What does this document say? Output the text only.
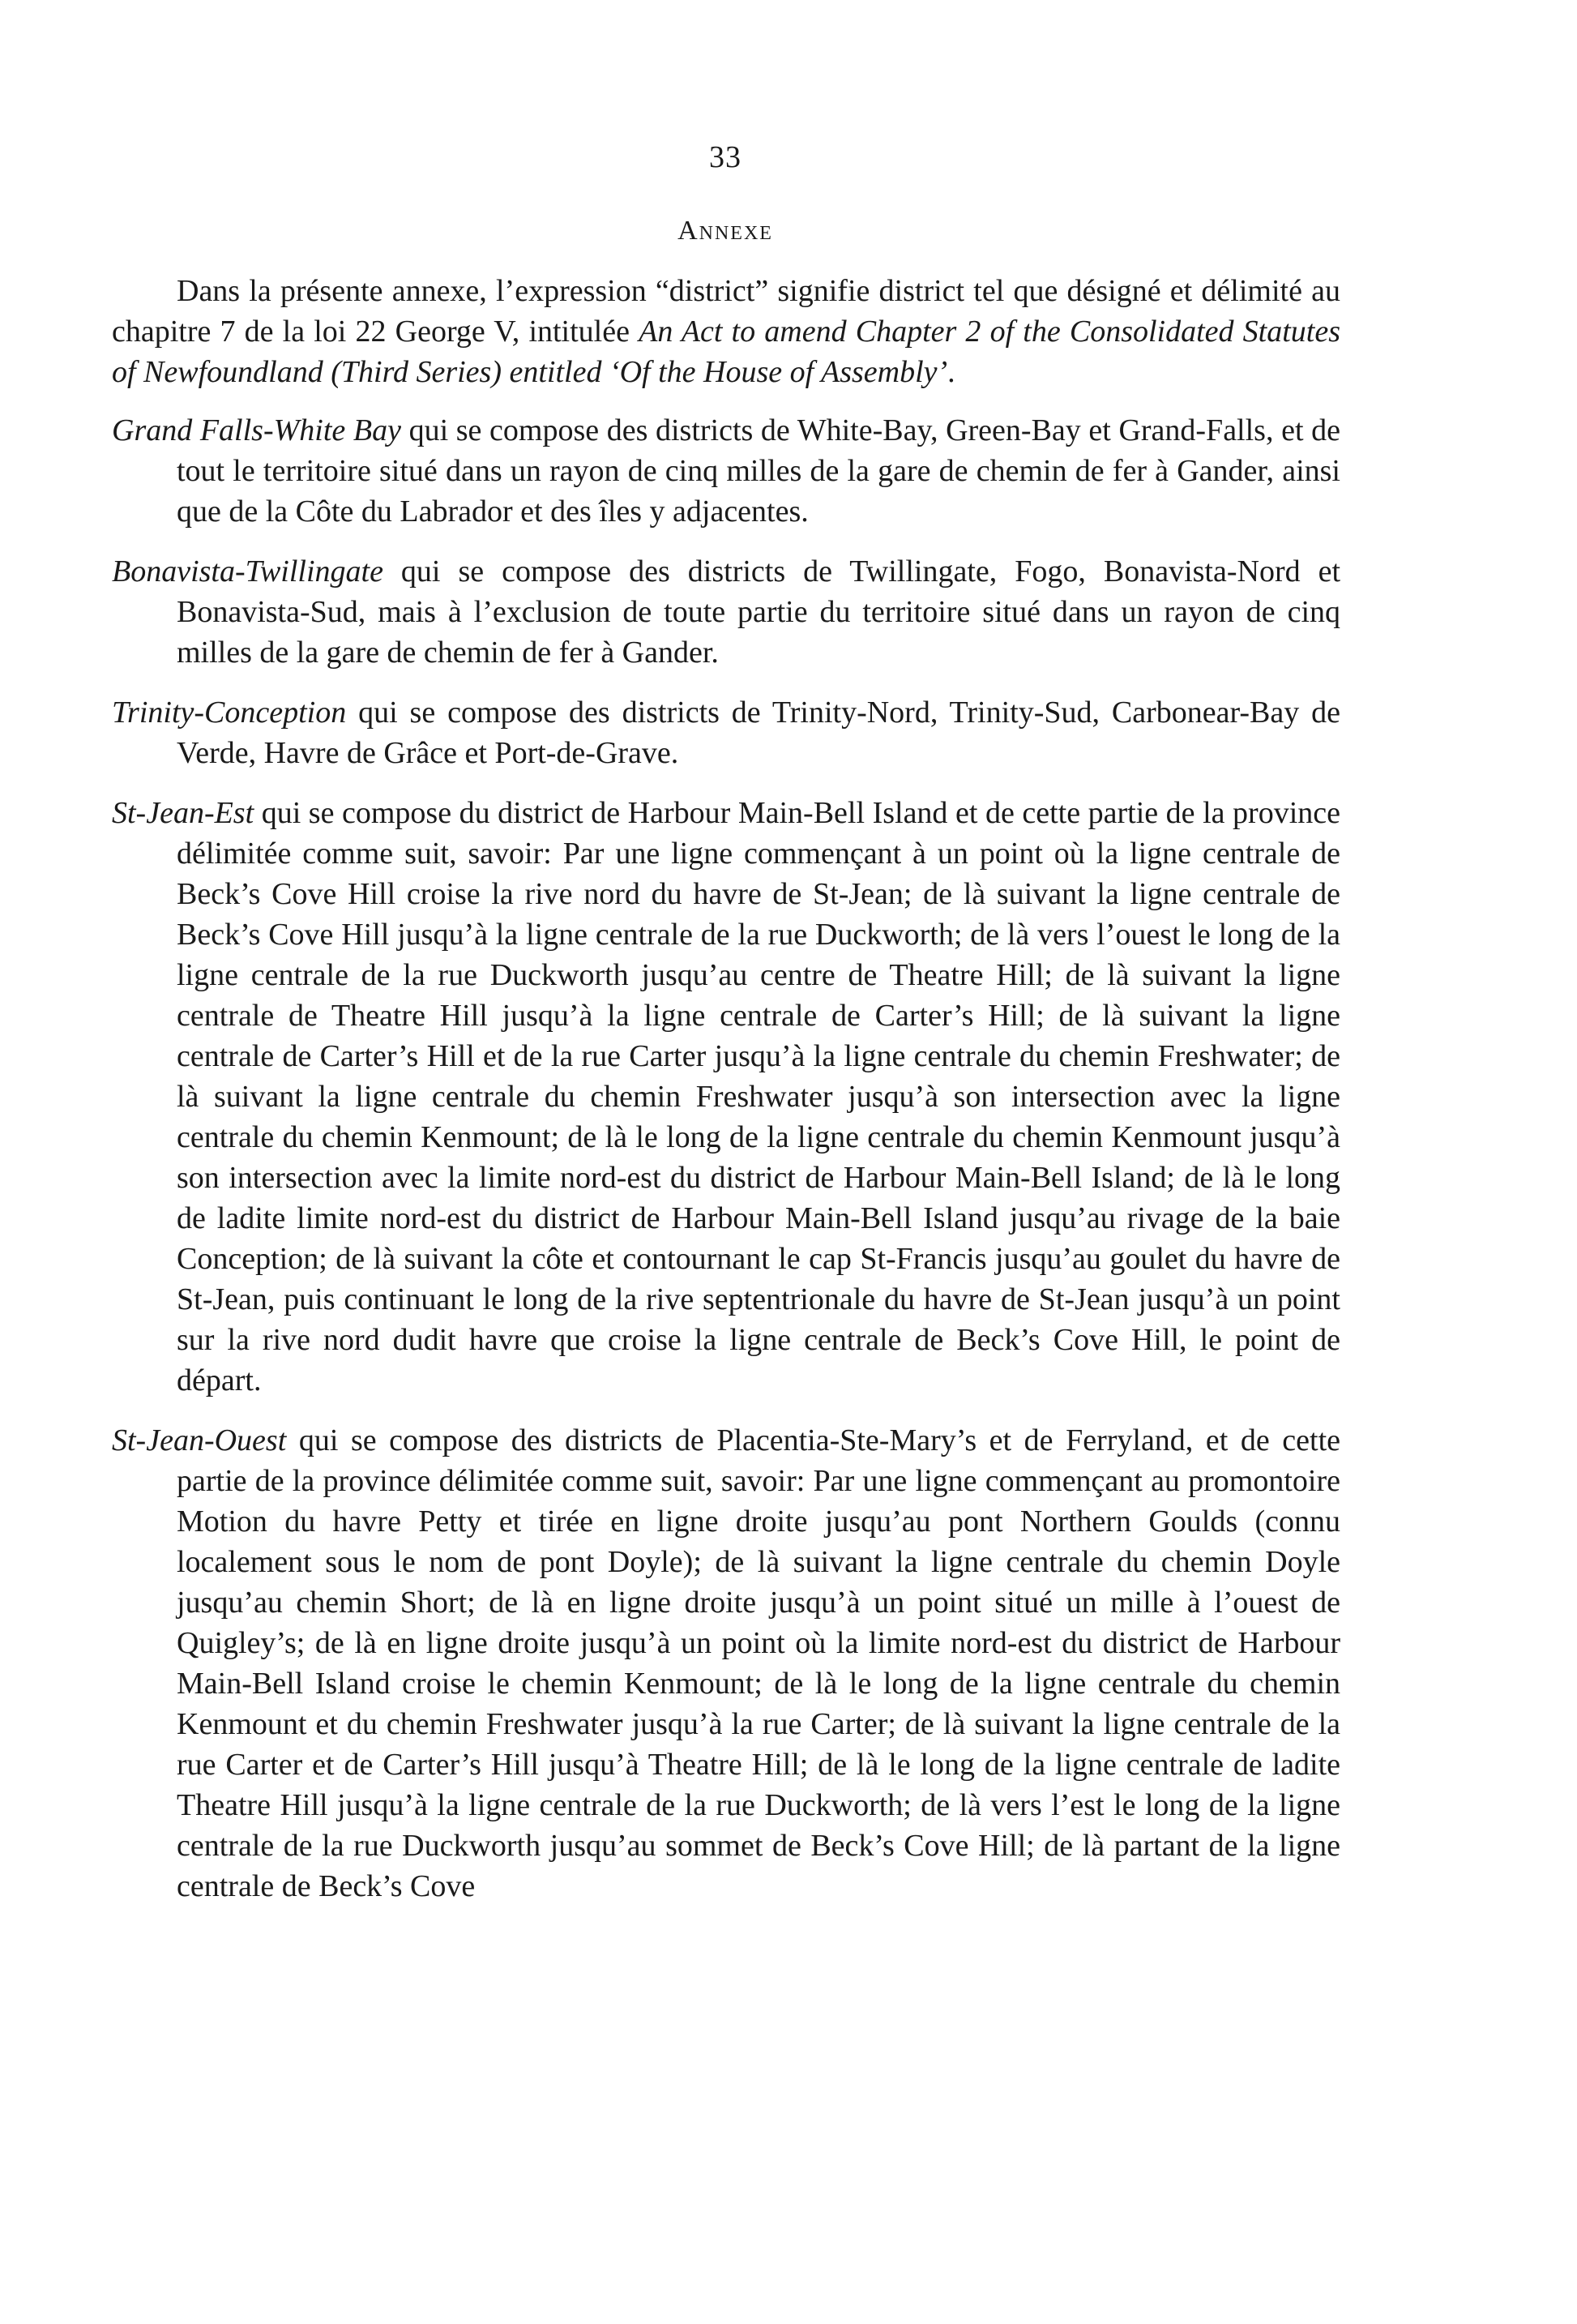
33
Annexe

Dans la présente annexe, l’expression “district” signifie district tel que désigné et délimité au chapitre 7 de la loi 22 George V, intitulée An Act to amend Chapter 2 of the Consolidated Statutes of Newfoundland (Third Series) entitled ‘Of the House of Assembly’.

Grand Falls-White Bay qui se compose des districts de White-Bay, Green-Bay et Grand-Falls, et de tout le territoire situé dans un rayon de cinq milles de la gare de chemin de fer à Gander, ainsi que de la Côte du Labrador et des îles y adjacentes.

Bonavista-Twillingate qui se compose des districts de Twillingate, Fogo, Bonavista-Nord et Bonavista-Sud, mais à l’exclusion de toute partie du territoire situé dans un rayon de cinq milles de la gare de chemin de fer à Gander.

Trinity-Conception qui se compose des districts de Trinity-Nord, Trinity-Sud, Carbonear-Bay de Verde, Havre de Grâce et Port-de-Grave.

St-Jean-Est qui se compose du district de Harbour Main-Bell Island et de cette partie de la province délimitée comme suit, savoir: Par une ligne commençant à un point où la ligne centrale de Beck’s Cove Hill croise la rive nord du havre de St-Jean; de là suivant la ligne centrale de Beck’s Cove Hill jusqu’à la ligne centrale de la rue Duckworth; de là vers l’ouest le long de la ligne centrale de la rue Duckworth jusqu’au centre de Theatre Hill; de là suivant la ligne centrale de Theatre Hill jusqu’à la ligne centrale de Carter’s Hill; de là suivant la ligne centrale de Carter’s Hill et de la rue Carter jusqu’à la ligne centrale du chemin Freshwater; de là suivant la ligne centrale du chemin Freshwater jusqu’à son intersection avec la ligne centrale du chemin Kenmount; de là le long de la ligne centrale du chemin Kenmount jusqu’à son intersection avec la limite nord-est du district de Harbour Main-Bell Island; de là le long de ladite limite nord-est du district de Harbour Main-Bell Island jusqu’au rivage de la baie Conception; de là suivant la côte et contournant le cap St-Francis jusqu’au goulet du havre de St-Jean, puis continuant le long de la rive septentrionale du havre de St-Jean jusqu’à un point sur la rive nord dudit havre que croise la ligne centrale de Beck’s Cove Hill, le point de départ.

St-Jean-Ouest qui se compose des districts de Placentia-Ste-Mary’s et de Ferryland, et de cette partie de la province délimitée comme suit, savoir: Par une ligne commençant au promontoire Motion du havre Petty et tirée en ligne droite jusqu’au pont Northern Goulds (connu localement sous le nom de pont Doyle); de là suivant la ligne centrale du chemin Doyle jusqu’au chemin Short; de là en ligne droite jusqu’à un point situé un mille à l’ouest de Quigley’s; de là en ligne droite jusqu’à un point où la limite nord-est du district de Harbour Main-Bell Island croise le chemin Kenmount; de là le long de la ligne centrale du chemin Kenmount et du chemin Freshwater jusqu’à la rue Carter; de là suivant la ligne centrale de la rue Carter et de Carter’s Hill jusqu’à Theatre Hill; de là le long de la ligne centrale de ladite Theatre Hill jusqu’à la ligne centrale de la rue Duckworth; de là vers l’est le long de la ligne centrale de la rue Duckworth jusqu’au sommet de Beck’s Cove Hill; de là partant de la ligne centrale de Beck’s Cove
